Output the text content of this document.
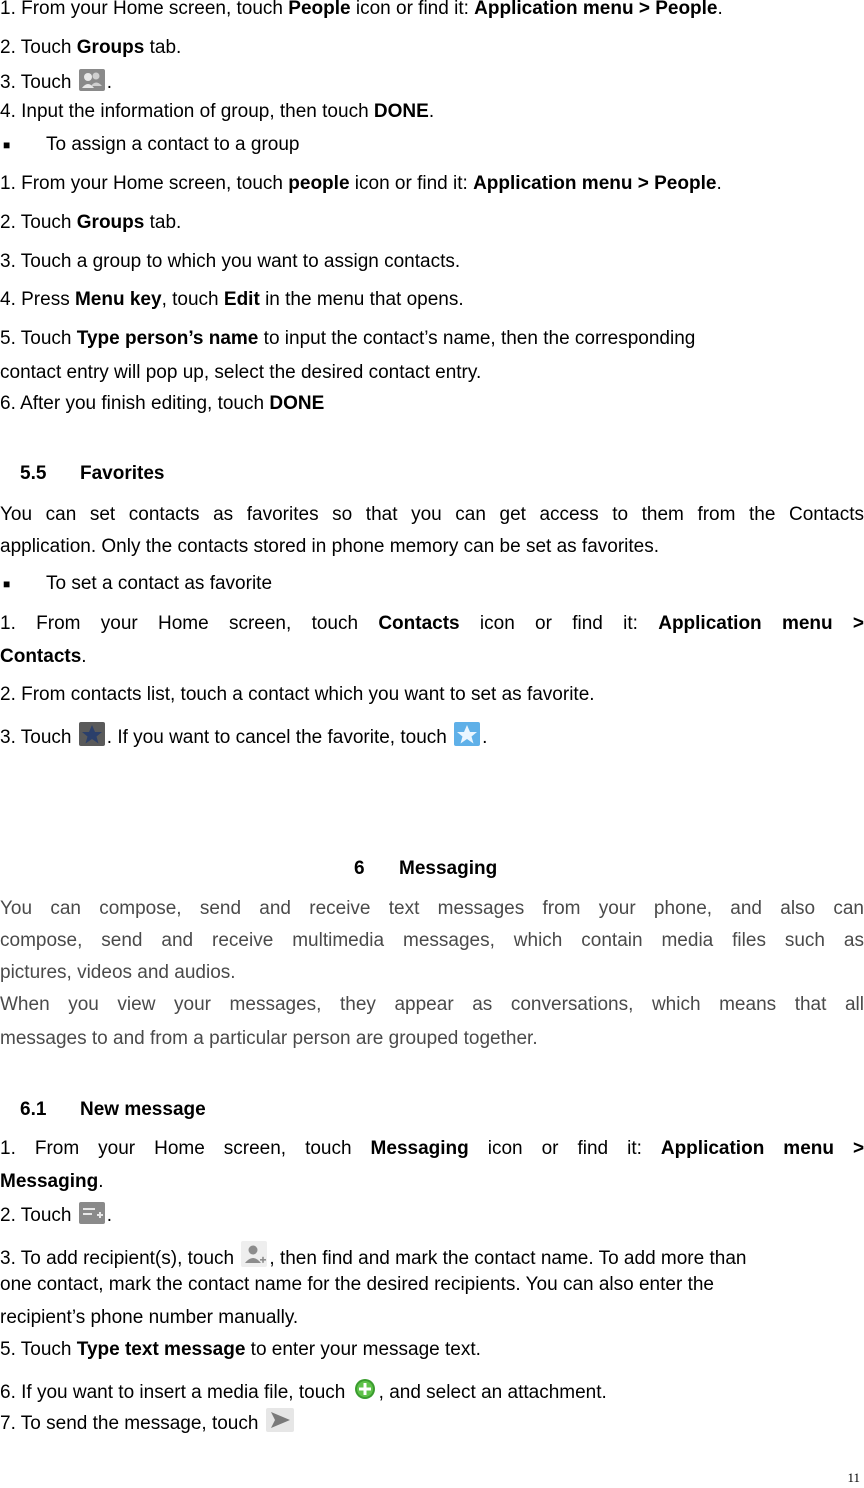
1. From your Home screen, touch People icon or find it: Application menu > People.
2. Touch Groups tab.
3. Touch .
4. Input the information of group, then touch DONE.
■ To assign a contact to a group
1. From your Home screen, touch people icon or find it: Application menu > People.
2. Touch Groups tab.
3. Touch a group to which you want to assign contacts.
4. Press Menu key, touch Edit in the menu that opens.
5. Touch Type person’s name to input the contact’s name, then the corresponding
contact entry will pop up, select the desired contact entry.
6. After you finish editing, touch DONE
5.5 Favorites
You can set contacts as favorites so that you can get access to them from the Contacts
application. Only the contacts stored in phone memory can be set as favorites.
■ To set a contact as favorite
1. From your Home screen, touch Contacts icon or find it: Application menu >
Contacts.
2. From contacts list, touch a contact which you want to set as favorite.
3. Touch . If you want to cancel the favorite, touch .
6 Messaging
You can compose, send and receive text messages from your phone, and also can
compose, send and receive multimedia messages, which contain media files such as
pictures, videos and audios.
When you view your messages, they appear as conversations, which means that all
messages to and from a particular person are grouped together.
6.1 New message
1. From your Home screen, touch Messaging icon or find it: Application menu >
Messaging.
2. Touch .
3. To add recipient(s), touch , then find and mark the contact name. To add more than
one contact, mark the contact name for the desired recipients. You can also enter the
recipient’s phone number manually.
5. Touch Type text message to enter your message text.
6. If you want to insert a media file, touch , and select an attachment.
7. To send the message, touch
11
